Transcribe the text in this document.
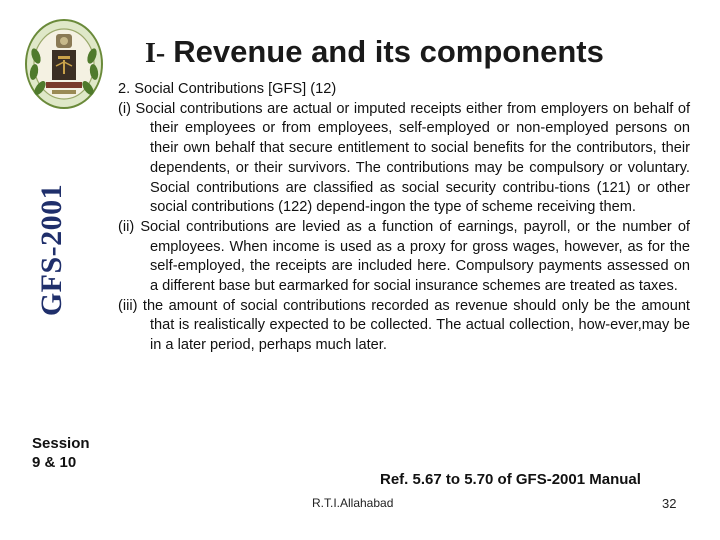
GFS-2001
Session
9 & 10
I- Revenue and its components

2. Social Contributions [GFS] (12)

(i) Social contributions are actual or imputed receipts either from employers on behalf of their employees or from employees, self-employed or non-employed persons on their own behalf that secure entitlement to social benefits for the contributors, their dependents, or their survivors. The contributions may be compulsory or voluntary. Social contributions are classified as social security contribu-tions (121) or other social contributions (122) depend-ingon the type of scheme receiving them.

(ii) Social contributions are levied as a function of earnings, payroll, or the number of employees. When income is used as a proxy for gross wages, however, as for the self-employed, the receipts are included here. Compulsory payments assessed on a different base but earmarked for social insurance schemes are treated as taxes.

(iii) the amount of social contributions recorded as revenue should only be the amount that is realistically expected to be collected. The actual collection, how-ever,may be in a later period, perhaps much later.

Ref. 5.67 to 5.70 of GFS-2001 Manual
R.T.I.Allahabad	32
